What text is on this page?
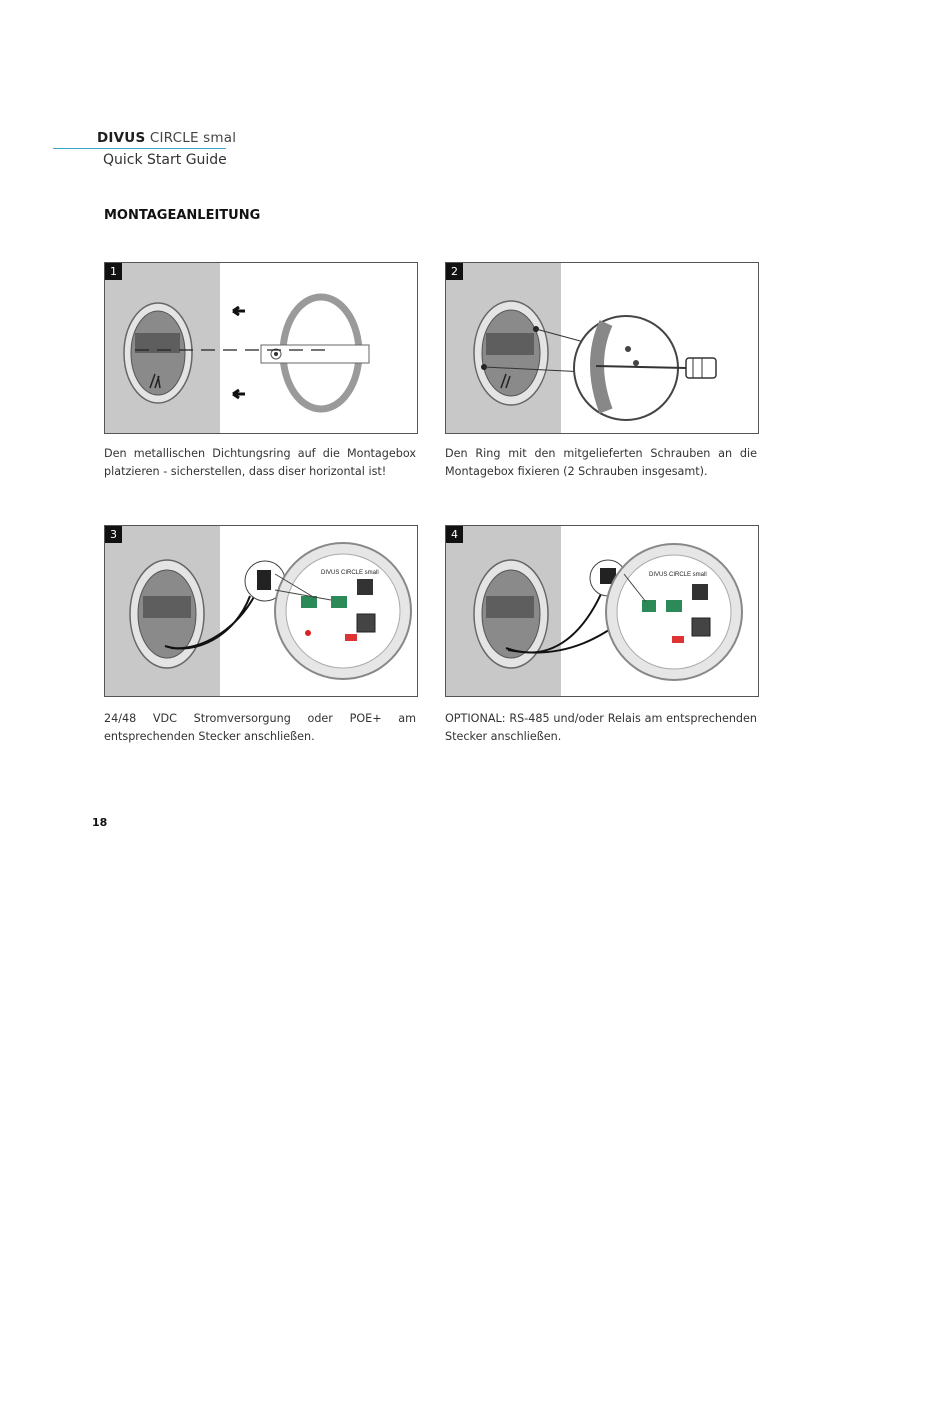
DIVUS CIRCLE smal
Quick Start Guide
MONTAGEANLEITUNG
1
Den metallischen Dichtungsring auf die Montagebox platzieren - sicherstellen, dass diser horizontal ist!
2
Den Ring mit den mitgelieferten Schrauben an die Montagebox fixieren (2 Schrauben insgesamt).
DIVUS CIRCLE small
3
24/48 VDC Stromversorgung oder POE+ am
entsprechenden Stecker anschließen.
DIVUS CIRCLE small
4
OPTIONAL: RS-485 und/oder Relais am entsprechenden Stecker anschließen.
18
